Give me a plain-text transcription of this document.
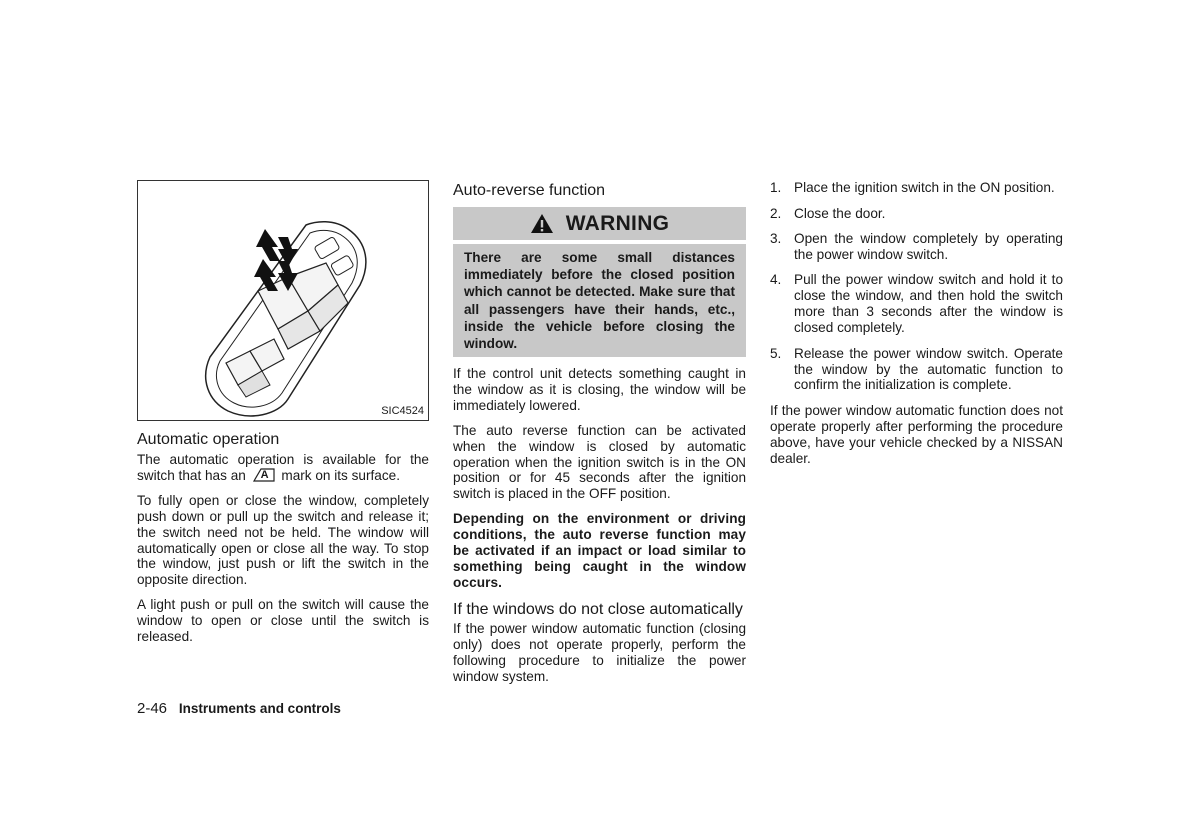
SIC4524
Automatic operation

The automatic operation is available for the switch that has an A mark on its surface.

To fully open or close the window, completely push down or pull up the switch and release it; the switch need not be held. The window will automatically open or close all the way. To stop the window, just push or lift the switch in the opposite direction.

A light push or pull on the switch will cause the window to open or close until the switch is released.

Auto-reverse function
WARNING
There are some small distances immediately before the closed position which cannot be detected. Make sure that all passengers have their hands, etc., inside the vehicle before closing the window.

If the control unit detects something caught in the window as it is closing, the window will be immediately lowered.

The auto reverse function can be activated when the window is closed by automatic operation when the ignition switch is in the ON position or for 45 seconds after the ignition switch is placed in the OFF position.

Depending on the environment or driving conditions, the auto reverse function may be activated if an impact or load similar to something being caught in the window occurs.

If the windows do not close automatically

If the power window automatic function (closing only) does not operate properly, perform the following procedure to initialize the power window system.

1. Place the ignition switch in the ON position.
2. Close the door.
3. Open the window completely by operating the power window switch.
4. Pull the power window switch and hold it to close the window, and then hold the switch more than 3 seconds after the window is closed completely.
5. Release the power window switch. Operate the window by the automatic function to confirm the initialization is complete.

If the power window automatic function does not operate properly after performing the procedure above, have your vehicle checked by a NISSAN dealer.

2-46 Instruments and controls
